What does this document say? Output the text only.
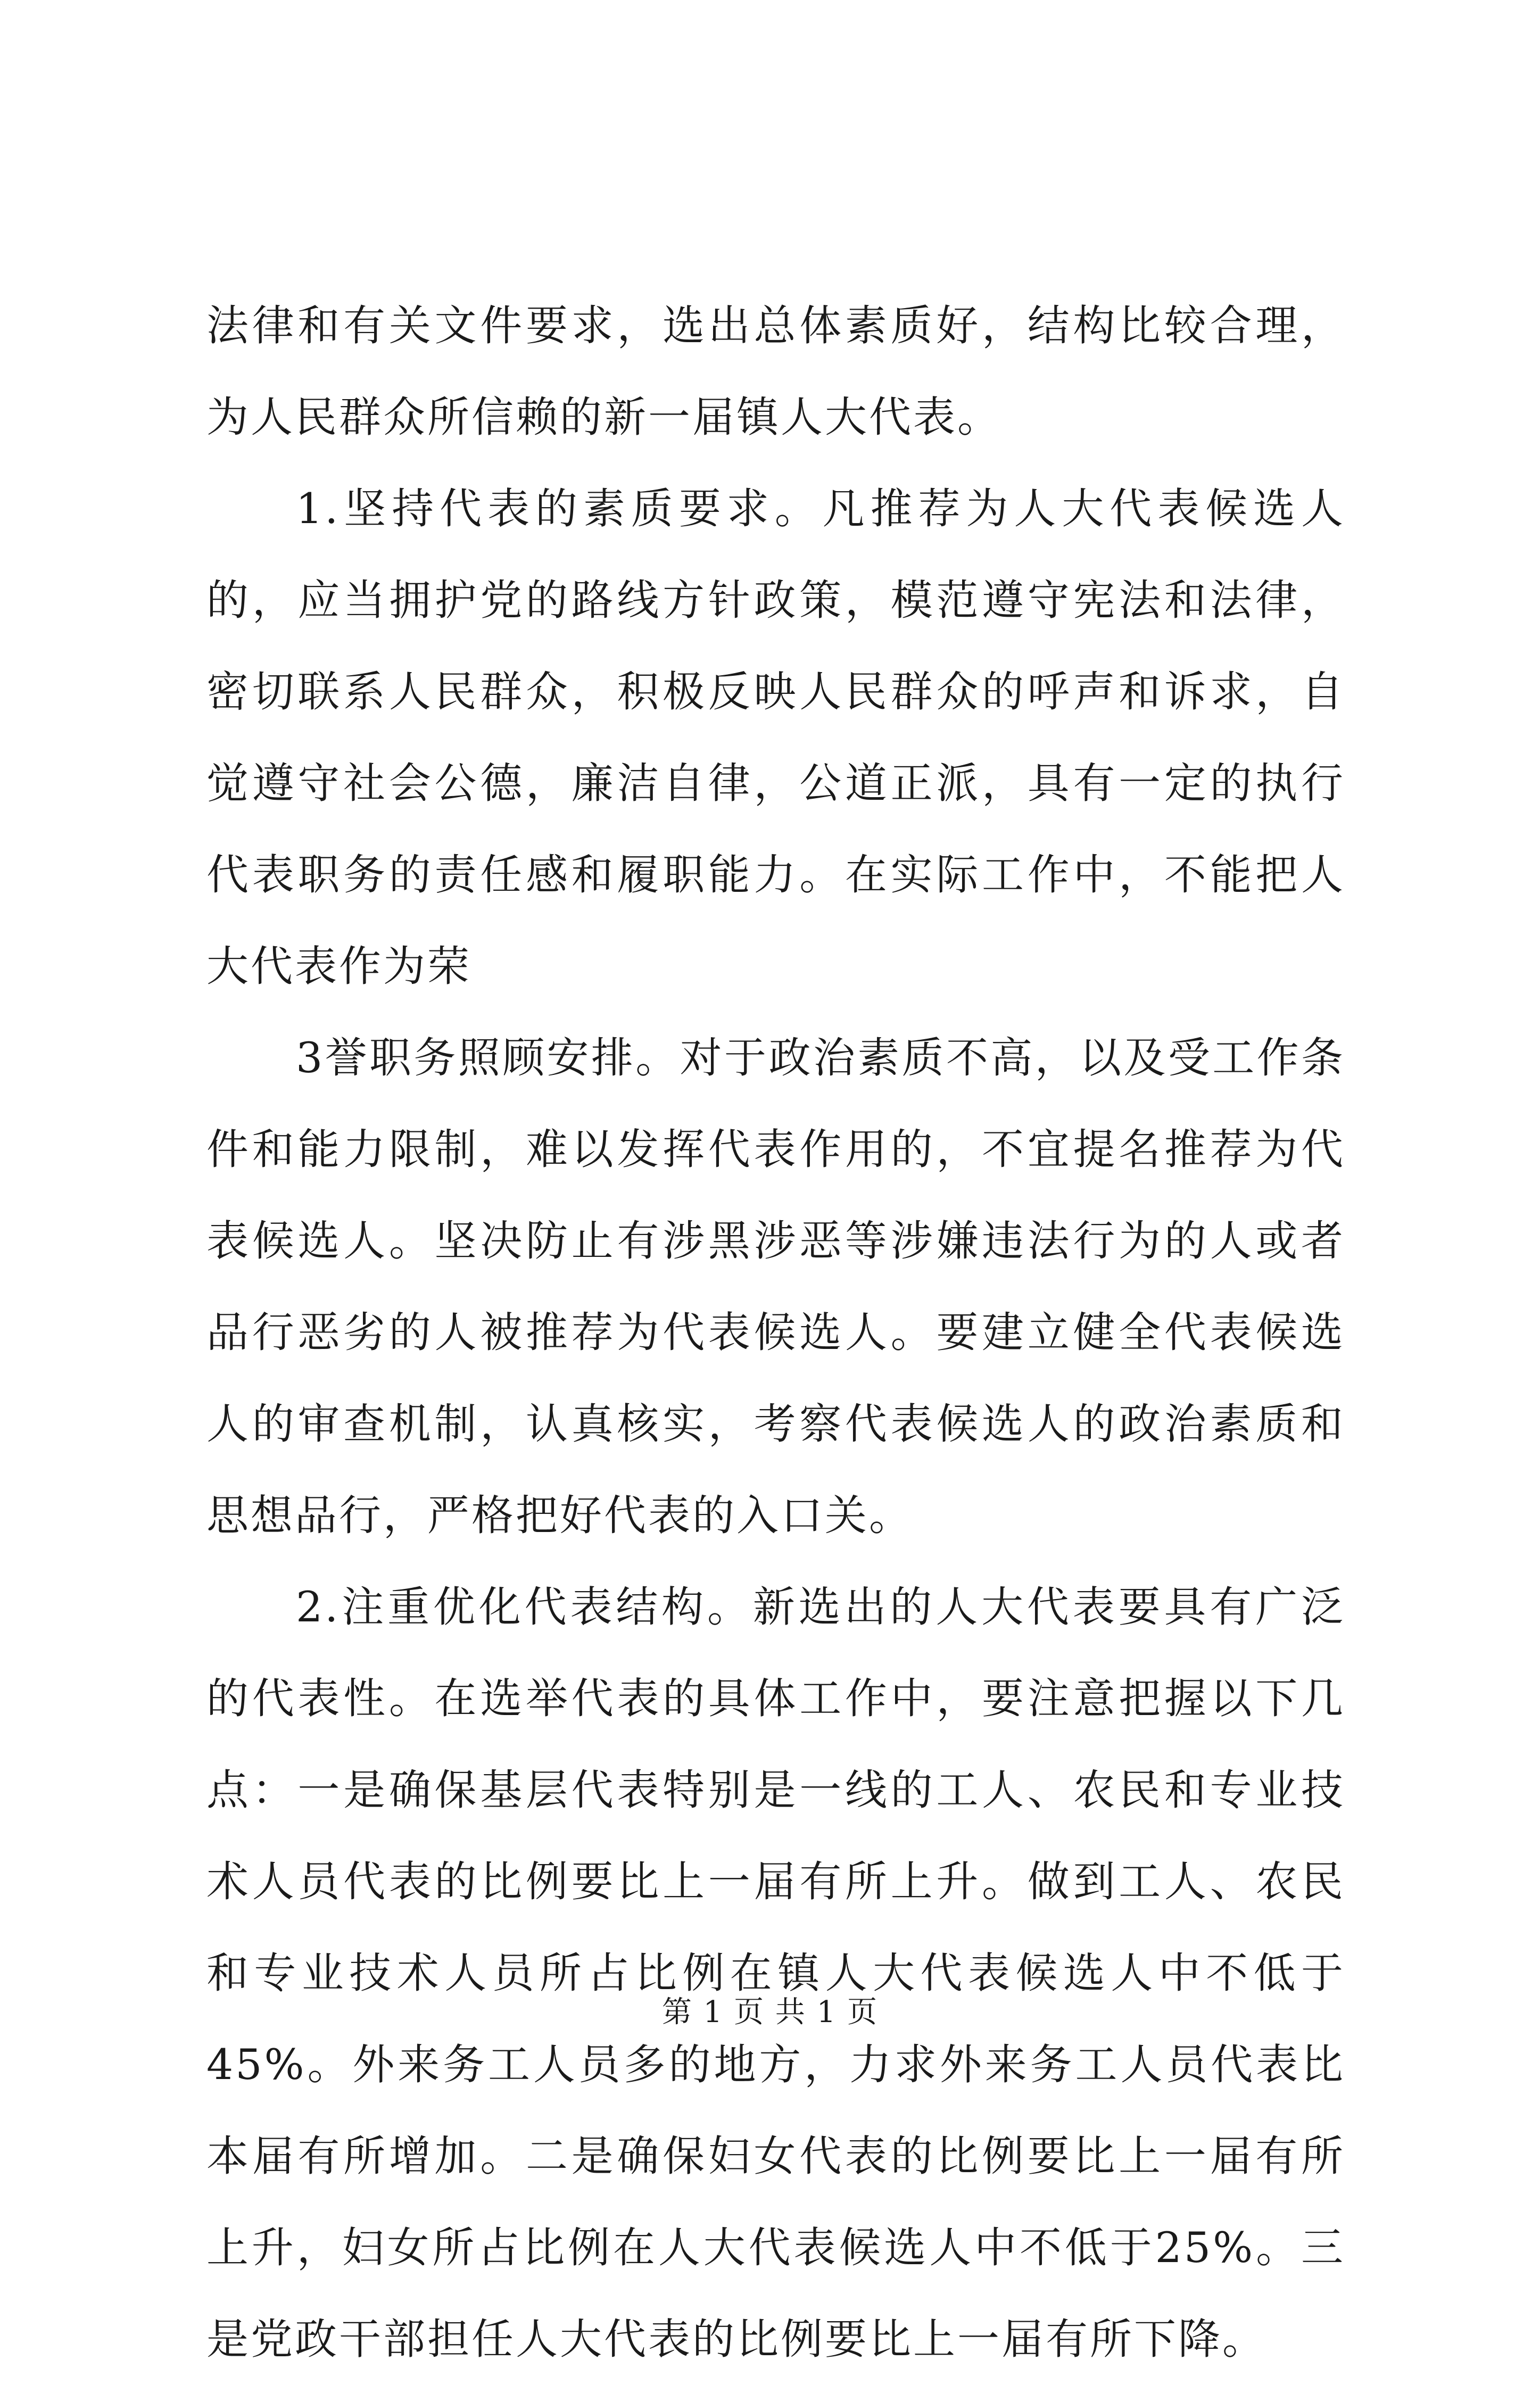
法律和有关文件要求，选出总体素质好，结构比较合理，为人民群众所信赖的新一届镇人大代表。

1.坚持代表的素质要求。凡推荐为人大代表候选人的，应当拥护党的路线方针政策，模范遵守宪法和法律，密切联系人民群众，积极反映人民群众的呼声和诉求，自觉遵守社会公德，廉洁自律，公道正派，具有一定的执行代表职务的责任感和履职能力。在实际工作中，不能把人大代表作为荣

3誉职务照顾安排。对于政治素质不高，以及受工作条件和能力限制，难以发挥代表作用的，不宜提名推荐为代表候选人。坚决防止有涉黑涉恶等涉嫌违法行为的人或者品行恶劣的人被推荐为代表候选人。要建立健全代表候选人的审查机制，认真核实，考察代表候选人的政治素质和思想品行，严格把好代表的入口关。

2.注重优化代表结构。新选出的人大代表要具有广泛的代表性。在选举代表的具体工作中，要注意把握以下几点：一是确保基层代表特别是一线的工人、农民和专业技术人员代表的比例要比上一届有所上升。做到工人、农民和专业技术人员所占比例在镇人大代表候选人中不低于45%。外来务工人员多的地方，力求外来务工人员代表比本届有所增加。二是确保妇女代表的比例要比上一届有所上升，妇女所占比例在人大代表候选人中不低于25%。三是党政干部担任人大代表的比例要比上一届有所下降。

第 1 页 共 1 页
